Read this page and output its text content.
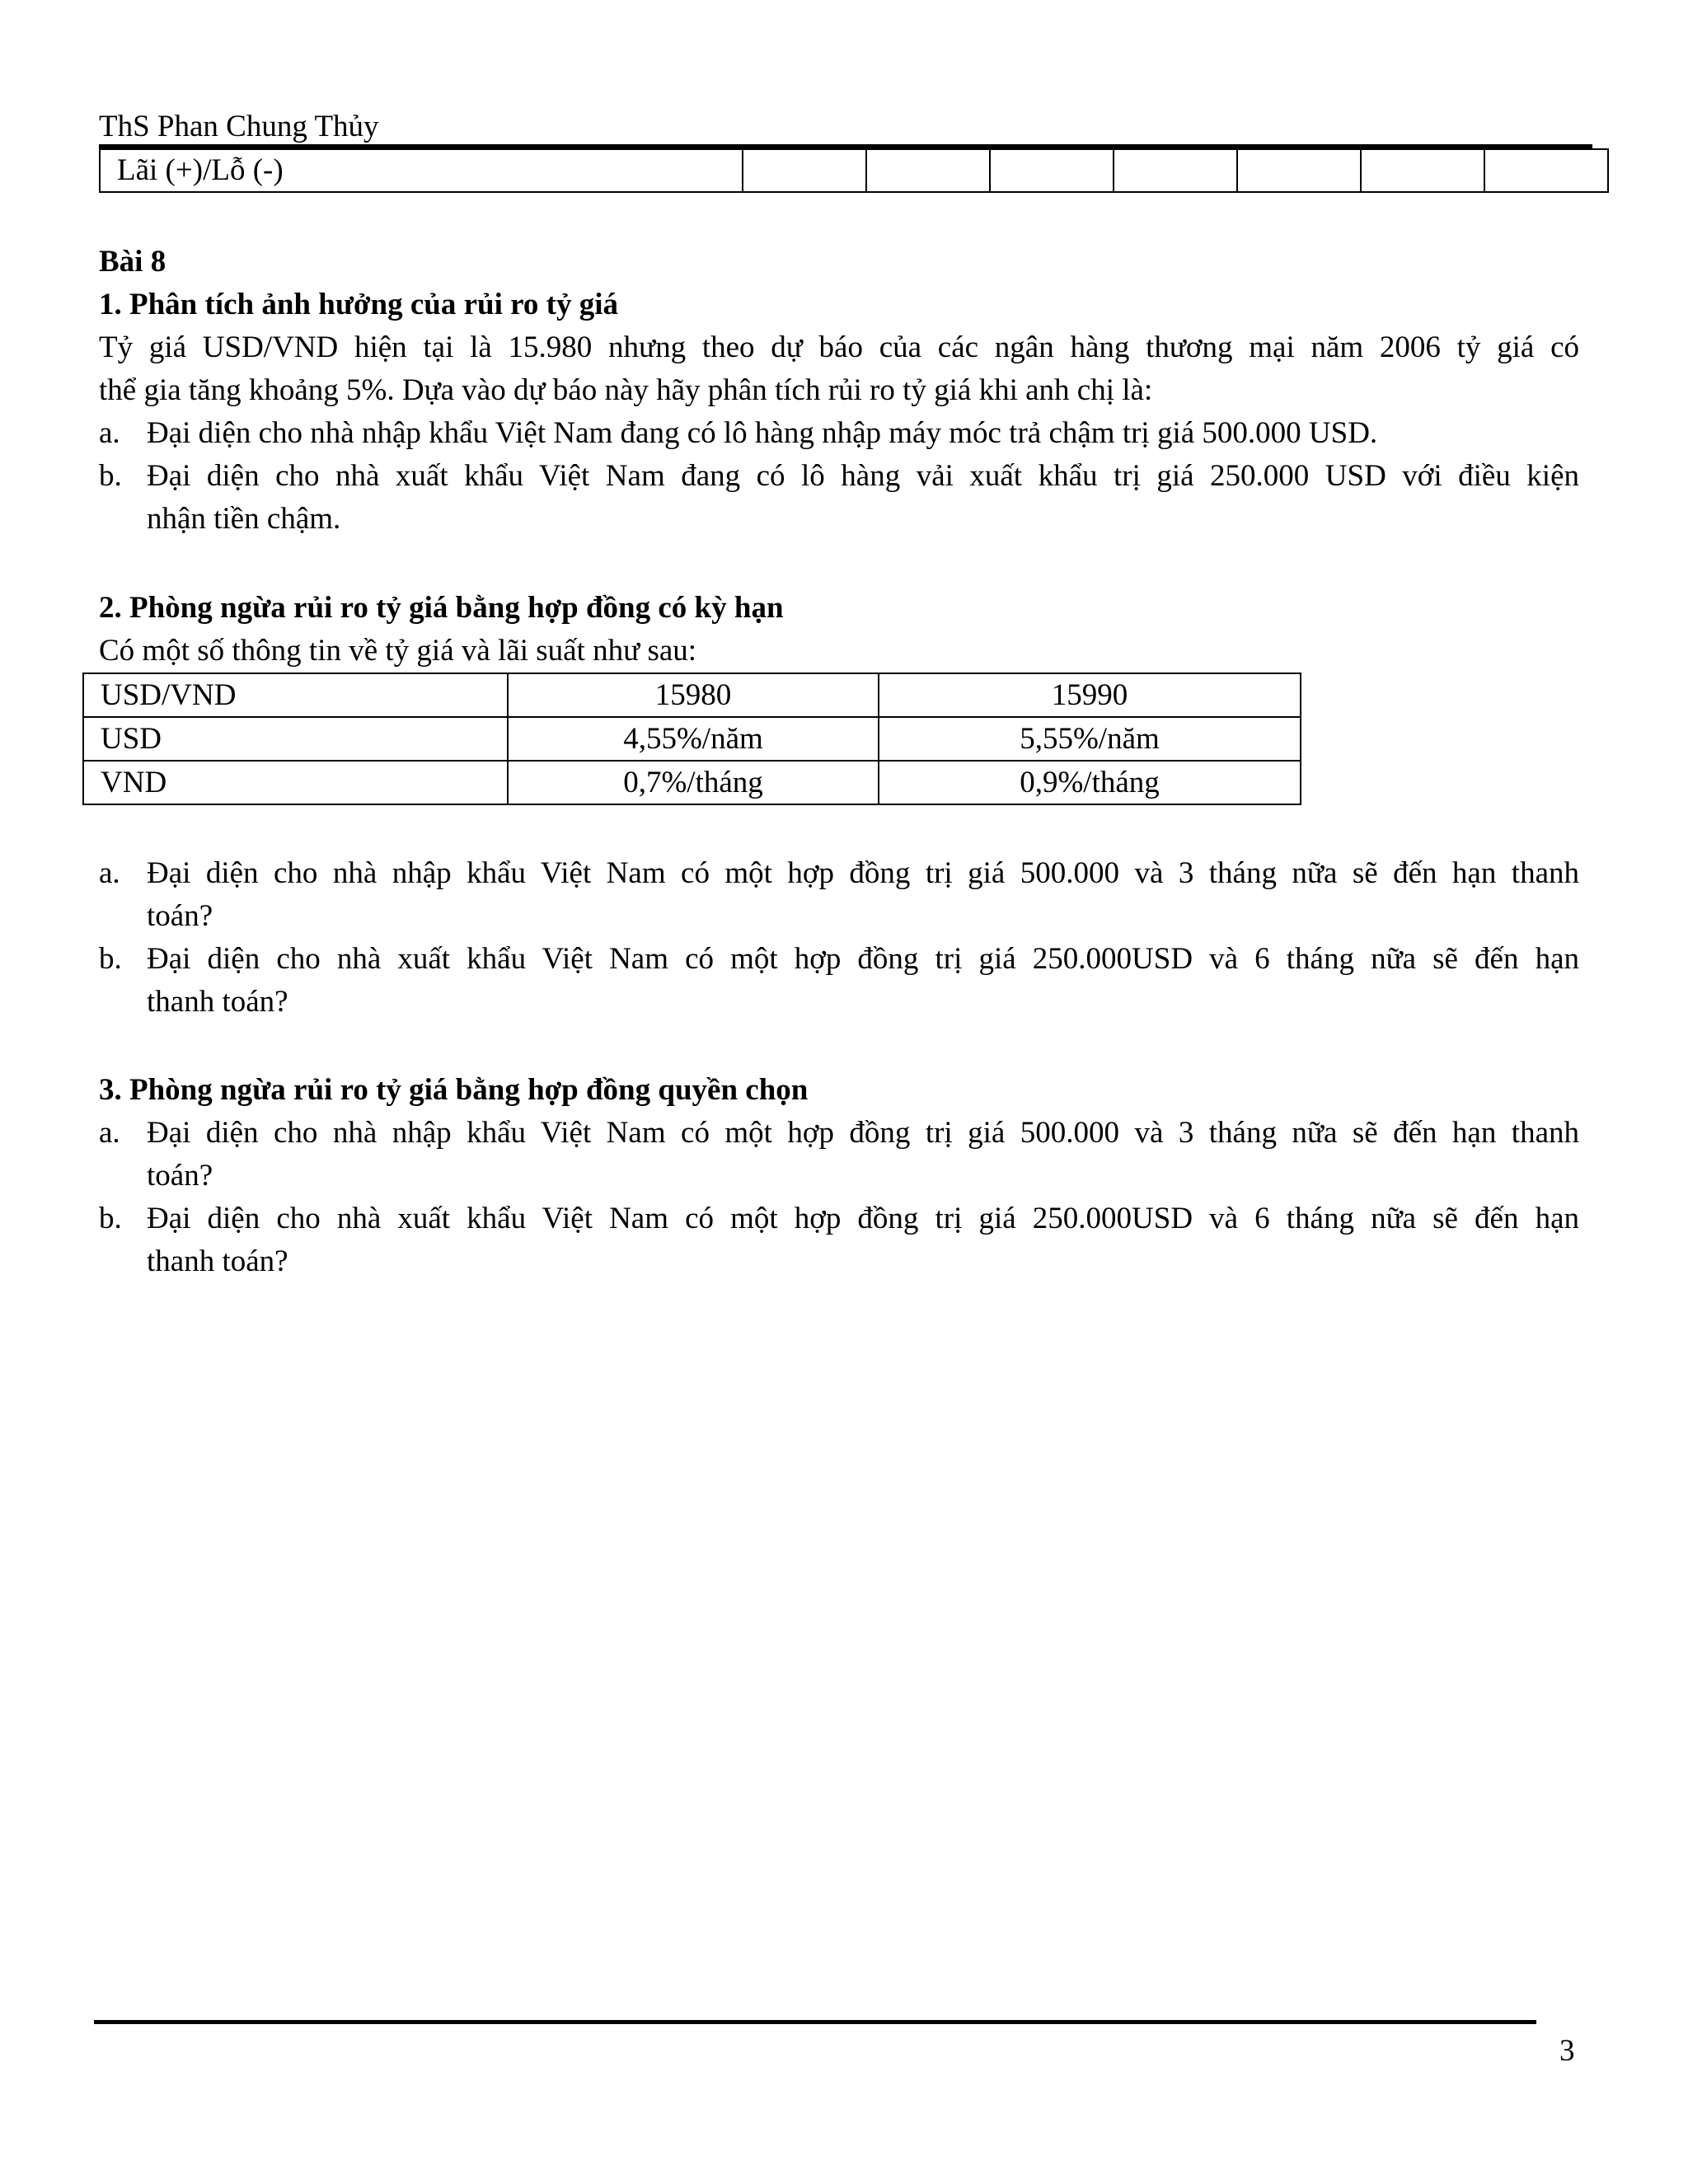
ThS Phan Chung Thủy
Lãi (+)/Lỗ (-)							
Bài 8
1. Phân tích ảnh hưởng của rủi ro tỷ giá
Tỷ giá USD/VND hiện tại là 15.980 nhưng theo dự báo của các ngân hàng thương mại năm 2006 tỷ giá có
thể gia tăng khoảng 5%. Dựa vào dự báo này hãy phân tích rủi ro tỷ giá khi anh chị là:
a. Đại diện cho nhà nhập khẩu Việt Nam đang có lô hàng nhập máy móc trả chậm trị giá 500.000 USD.
b. Đại diện cho nhà xuất khẩu Việt Nam đang có lô hàng vải xuất khẩu trị giá 250.000 USD với điều kiện
nhận tiền chậm.
2. Phòng ngừa rủi ro tỷ giá bằng hợp đồng có kỳ hạn
Có một số thông tin về tỷ giá và lãi suất như sau:
USD/VND	15980	15990
USD	4,55%/năm	5,55%/năm
VND	0,7%/tháng	0,9%/tháng
a. Đại diện cho nhà nhập khẩu Việt Nam có một hợp đồng trị giá 500.000 và 3 tháng nữa sẽ đến hạn thanh
toán?
b. Đại diện cho nhà xuất khẩu Việt Nam có một hợp đồng trị giá 250.000USD và 6 tháng nữa sẽ đến hạn
thanh toán?
3. Phòng ngừa rủi ro tỷ giá bằng hợp đồng quyền chọn
a. Đại diện cho nhà nhập khẩu Việt Nam có một hợp đồng trị giá 500.000 và 3 tháng nữa sẽ đến hạn thanh
toán?
b. Đại diện cho nhà xuất khẩu Việt Nam có một hợp đồng trị giá 250.000USD và 6 tháng nữa sẽ đến hạn
thanh toán?
3
